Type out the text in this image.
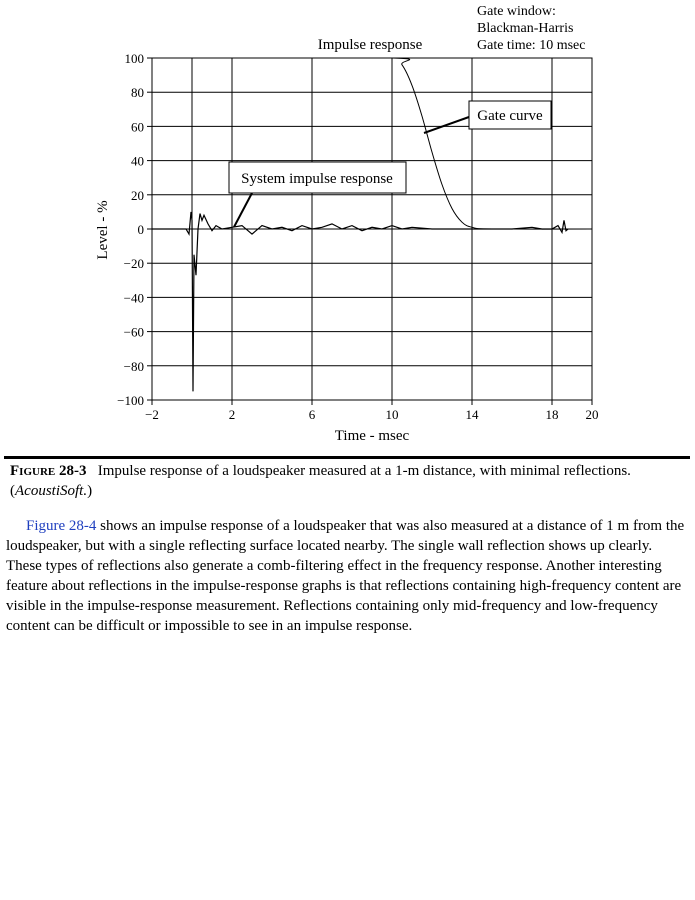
100
80
60
40
20
0
−20
−40
−60
−80
−100
−2	2	6	10	14	18 20
Impulse response
Gate window:
Blackman-Harris
Gate time: 10 msec
Gate curve
System impulse response
Time - msec
Level - %
Figure 28-3 Impulse response of a loudspeaker measured at a 1-m distance, with minimal reflections. (AcoustiSoft.)
Figure 28-4 shows an impulse response of a loudspeaker that was also measured at a distance of 1 m from the loudspeaker, but with a single reflecting surface located nearby. The single wall reflection shows up clearly. These types of reflections also generate a comb-filtering effect in the frequency response. Another interesting feature about reflections in the impulse-response graphs is that reflections containing high-frequency content are visible in the impulse-response measurement. Reflections containing only mid-frequency and low-frequency content can be difficult or impossible to see in an impulse response.
